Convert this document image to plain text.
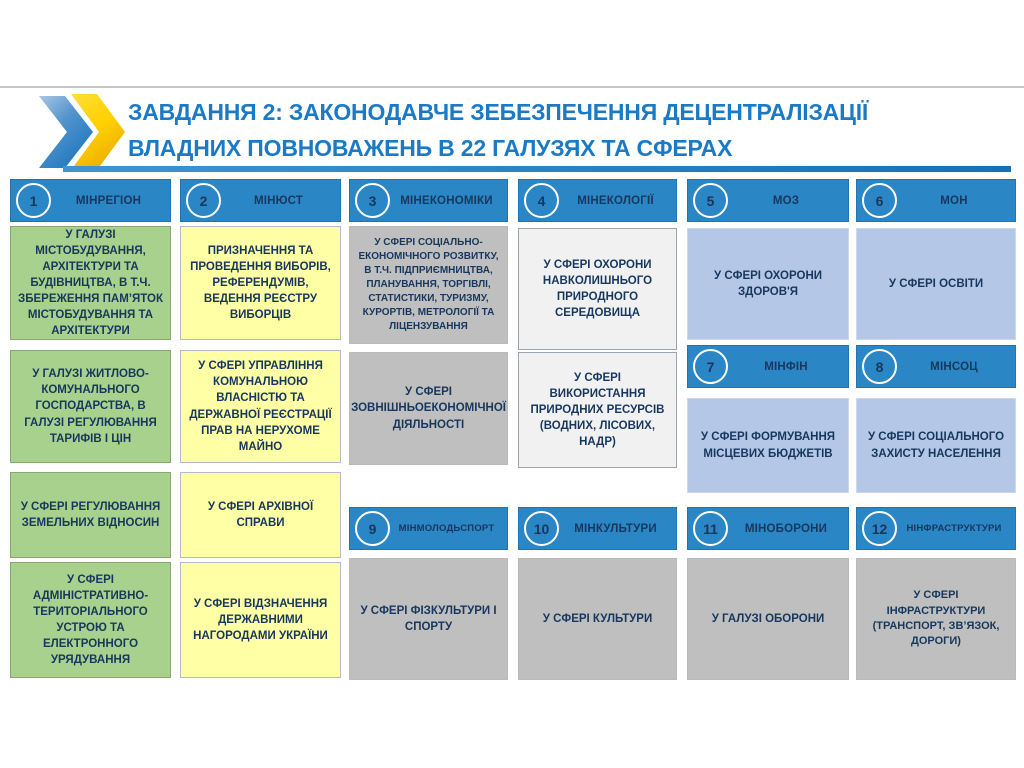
ЗАВДАННЯ 2: ЗАКОНОДАВЧЕ ЗЕБЕЗПЕЧЕННЯ ДЕЦЕНТРАЛІЗАЦІЇ
ВЛАДНИХ ПОВНОВАЖЕНЬ В 22 ГАЛУЗЯХ ТА СФЕРАХ
1	МІНРЕГІОН	2	МІНЮСТ	3	МІНЕКОНОМІКИ	4	МІНЕКОЛОГІЇ	5	МОЗ	6	МОН
У ГАЛУЗІ МІСТОБУДУВАННЯ, АРХІТЕКТУРИ ТА БУДІВНИЦТВА, В Т.Ч. ЗБЕРЕЖЕННЯ ПАМ’ЯТОК МІСТОБУДУВАННЯ ТА АРХІТЕКТУРИ
У ГАЛУЗІ ЖИТЛОВО-КОМУНАЛЬНОГО ГОСПОДАРСТВА, В ГАЛУЗІ РЕГУЛЮВАННЯ ТАРИФІВ І ЦІН
У СФЕРІ РЕГУЛЮВАННЯ ЗЕМЕЛЬНИХ ВІДНОСИН
У СФЕРІ АДМІНІСТРАТИВНО-ТЕРИТОРІАЛЬНОГО УСТРОЮ ТА ЕЛЕКТРОННОГО УРЯДУВАННЯ
ПРИЗНАЧЕННЯ ТА ПРОВЕДЕННЯ ВИБОРІВ, РЕФЕРЕНДУМІВ, ВЕДЕННЯ РЕЄСТРУ ВИБОРЦІВ
У СФЕРІ УПРАВЛІННЯ КОМУНАЛЬНОЮ ВЛАСНІСТЮ ТА ДЕРЖАВНОЇ РЕЄСТРАЦІЇ ПРАВ НА НЕРУХОМЕ МАЙНО
У СФЕРІ АРХІВНОЇ СПРАВИ
У СФЕРІ ВІДЗНАЧЕННЯ ДЕРЖАВНИМИ НАГОРОДАМИ УКРАЇНИ
У СФЕРІ СОЦІАЛЬНО-ЕКОНОМІЧНОГО РОЗВИТКУ, В Т.Ч. ПІДПРИЄМНИЦТВА, ПЛАНУВАННЯ, ТОРГІВЛІ, СТАТИСТИКИ, ТУРИЗМУ, КУРОРТІВ, МЕТРОЛОГІЇ ТА ЛІЦЕНЗУВАННЯ
У СФЕРІ ЗОВНІШНЬОЕКОНОМІЧНОЇ ДІЯЛЬНОСТІ
У СФЕРІ ОХОРОНИ НАВКОЛИШНЬОГО ПРИРОДНОГО СЕРЕДОВИЩА
У СФЕРІ ВИКОРИСТАННЯ ПРИРОДНИХ РЕСУРСІВ (ВОДНИХ, ЛІСОВИХ, НАДР)
У СФЕРІ ОХОРОНИ ЗДОРОВ'Я
У СФЕРІ ОСВІТИ
7	МІНФІН	8	МІНСОЦ
У СФЕРІ ФОРМУВАННЯ МІСЦЕВИХ БЮДЖЕТІВ
У СФЕРІ СОЦІАЛЬНОГО ЗАХИСТУ НАСЕЛЕННЯ
9	МІНМОЛОДЬСПОРТ	10	МІНКУЛЬТУРИ	11	МІНОБОРОНИ	12	НІНФРАСТРУКТУРИ
У СФЕРІ ФІЗКУЛЬТУРИ І СПОРТУ
У СФЕРІ КУЛЬТУРИ	У ГАЛУЗІ ОБОРОНИ
У СФЕРІ ІНФРАСТРУКТУРИ (ТРАНСПОРТ, ЗВ’ЯЗОК, ДОРОГИ)
